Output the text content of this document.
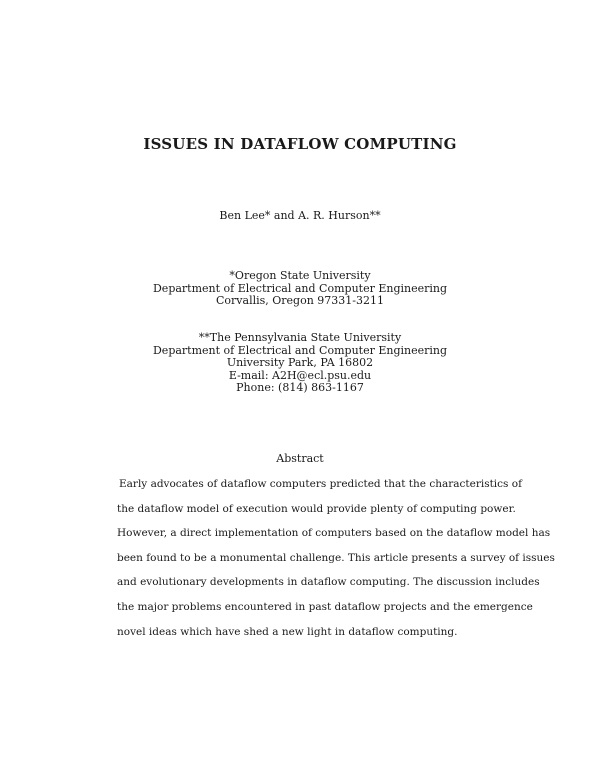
ISSUES IN DATAFLOW COMPUTING
Ben Lee* and A. R. Hurson**
*Oregon State University
Department of Electrical and Computer Engineering
Corvallis, Oregon 97331-3211
**The Pennsylvania State University
Department of Electrical and Computer Engineering
University Park, PA 16802
E-mail: A2H@ecl.psu.edu
Phone: (814) 863-1167
Abstract
Early advocates of dataflow computers predicted that the characteristics of
the dataflow model of execution would provide plenty of computing power.
However, a direct implementation of computers based on the dataflow model has
been found to be a monumental challenge. This article presents a survey of issues
and evolutionary developments in dataflow computing. The discussion includes
the major problems encountered in past dataflow projects and the emergence
novel ideas which have shed a new light in dataflow computing.
